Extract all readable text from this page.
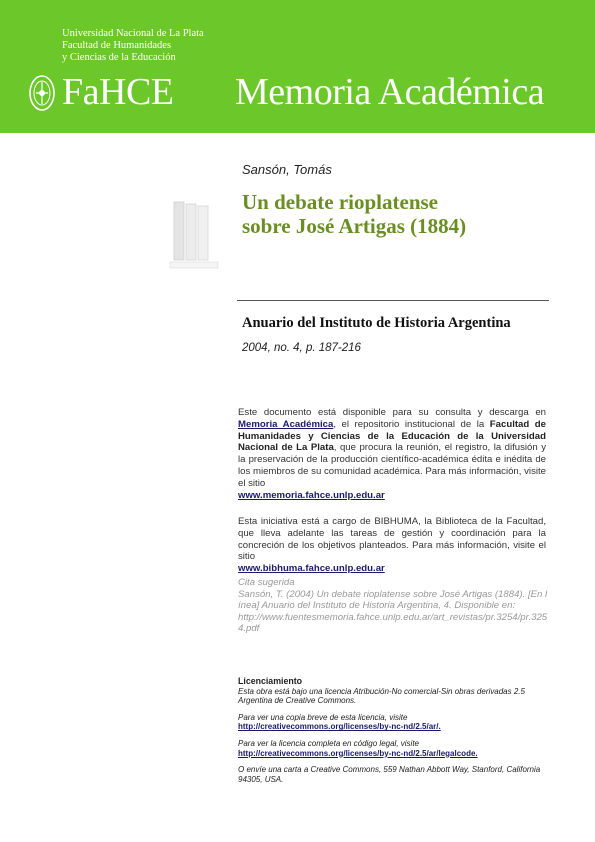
Universidad Nacional de La Plata
Facultad de Humanidades
y Ciencias de la Educación
FaHCE Memoria Académica
Sansón, Tomás
Un debate rioplatense
sobre José Artigas (1884)
Anuario del Instituto de Historia Argentina
2004, no. 4, p. 187-216
Este documento está disponible para su consulta y descarga en Memoria Académica, el repositorio institucional de la Facultad de Humanidades y Ciencias de la Educación de la Universidad Nacional de La Plata, que procura la reunión, el registro, la difusión y la preservación de la producción científico-académica édita e inédita de los miembros de su comunidad académica. Para más información, visite el sitio
www.memoria.fahce.unlp.edu.ar
Esta iniciativa está a cargo de BIBHUMA, la Biblioteca de la Facultad, que lleva adelante las tareas de gestión y coordinación para la concreción de los objetivos planteados. Para más información, visite el sitio
www.bibhuma.fahce.unlp.edu.ar
Cita sugerida
Sansón, T. (2004) Un debate rioplatense sobre José Artigas (1884). [En línea] Anuario del Instituto de Historia Argentina, 4. Disponible en:
http://www.fuentesmemoria.fahce.unlp.edu.ar/art_revistas/pr.3254/pr.3254.pdf
Licenciamiento
Esta obra está bajo una licencia Atribución-No comercial-Sin obras derivadas 2.5 Argentina de Creative Commons.
Para ver una copia breve de esta licencia, visite
http://creativecommons.org/licenses/by-nc-nd/2.5/ar/.
Para ver la licencia completa en código legal, visite
http://creativecommons.org/licenses/by-nc-nd/2.5/ar/legalcode.
O envíe una carta a Creative Commons, 559 Nathan Abbott Way, Stanford, California 94305, USA.
